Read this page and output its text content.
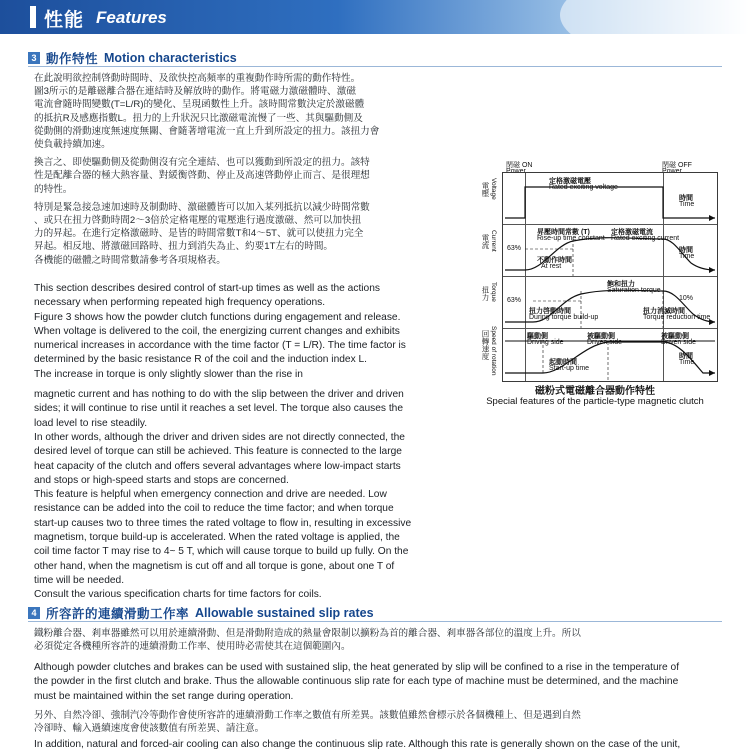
性能 Features
3 動作特性 Motion characteristics
在此說明欲控制啓動時間時、及欲快控高頻率的重複動作時所需的動作特性。
圖3所示的是離磁離合器在連結時及解放時的動作。將電磁力激磁體時、激磁
電流會隨時間變數(T=L/R)的變化、呈現函數性上升。該時間常數決定於激磁體
的抵抗R及感應指數L。扭力的上升狀況只比激磁電流慢了一些、其與驅動側及
從動側的滑動速度無速度無關、會隨著增電流一直上升到所設定的扭力。該扭力會
使負載持續加速。
換言之、即使驅動側及從動側沒有完全連結、也可以獲動到所設定的扭力。該特
性是配離合器的極大熱容量、對緩衡啓動、停止及高速啓動停止而言、是很理想
的特性。
特別是緊急接急速加速時及制動時、激磁體皆可以加入某列抵抗以減少時間常數
、或只在扭力啓動時間2～3倍於定格電壓的電壓進行過度激磁、然可以加快扭
力的昇起。在進行定格激磁時、是皆的時間常數T和4～5T、就可以使扭力完全
昇起。相反地、將激磁回路時、扭力到消失為止、約要1T左右的時間。
各機能的磁體之時間常數請參考各項規格表。

This section describes desired control of start-up times as well as the actions

necessary when performing repeated high frequency operations.

Figure 3 shows how the powder clutch functions during engagement and release.

When voltage is delivered to the coil, the energizing current changes and exhibits

numerical increases in accordance with the time factor (T = L/R). The time factor is

determined by the basic resistance R of the coil and the induction index L.

The increase in torque is only slightly slower than the rise in

magnetic current and has nothing to do with the slip between the driver and driven

sides; it will continue to rise until it reaches a set level. The torque also causes the

load level to rise steadily.

In other words, although the driver and driven sides are not directly connected, the

desired level of torque can still be achieved. This feature is connected to the large

heat capacity of the clutch and offers several advantages where low-impact starts

and stops or high-speed starts and stops are concerned.

This feature is helpful when emergency connection and drive are needed. Low

resistance can be added into the coil to reduce the time factor; and when torque

start-up causes two to three times the rated voltage to flow in, resulting in excessive

magnetism, torque build-up is accelerated. When the rated voltage is applied, the

coil time factor T may rise to 4~ 5 T, which will cause torque to build up fully. On the

other hand, when the magnetism is cut off and all torque is gone, about one T of

time will be needed.

Consult the various specification charts for time factors for coils.

閉磁 ON	閉磁 OFF
定格激磁電壓
Rated exciting voltage
時間
Time
昇壓時間常數 (T)
Rise-up time constant
定格激磁電流
Rated exciting current
63%
不動作時間
At rest
時間
Time
63%
飽和扭力
Saturation torque
10%
扭力啓動時間
During torque build-up
扭力消滅時間
Torque reduction time
驅動側
Driving side
被驅動側
Driven side
被驅動側
Driven side
起動時間
Start-up time
時間
Time
電壓 Voltage
電流 Current
扭力 Torque
回轉速度 Speed of rotation
磁粉式電磁離合器動作特性
Special features of the particle-type magnetic clutch
4 所容許的連續滑動工作率 Allowable sustained slip rates
鐵粉離合器、剎車器雖然可以用於連續滑動、但是滑動附造成的熱量會限制以擴粉為首的離合器、剎車器各部位的溫度上升。所以
必須從定各機種所容許的連續滑動工作率、使用時必需使其在這個範圍內。

Although powder clutches and brakes can be used with sustained slip, the heat generated by slip will be confined to a rise in the temperature of

the powder in the first clutch and brake. Thus the allowable continuous slip rate for each type of machine must be determined, and the machine

must be maintained within the set range during operation.

另外、自然冷卻、強制汽冷等動作會使所容許的連續滑動工作率之數值有所差異。該數值雖然會標示於各個機種上、但是遇到自然
冷卻時、輸入過續速度會使該數值有所差異、請注意。

In addition, natural and forced-air cooling can also change the continuous slip rate. Although this rate is generally shown on the case of the unit,
